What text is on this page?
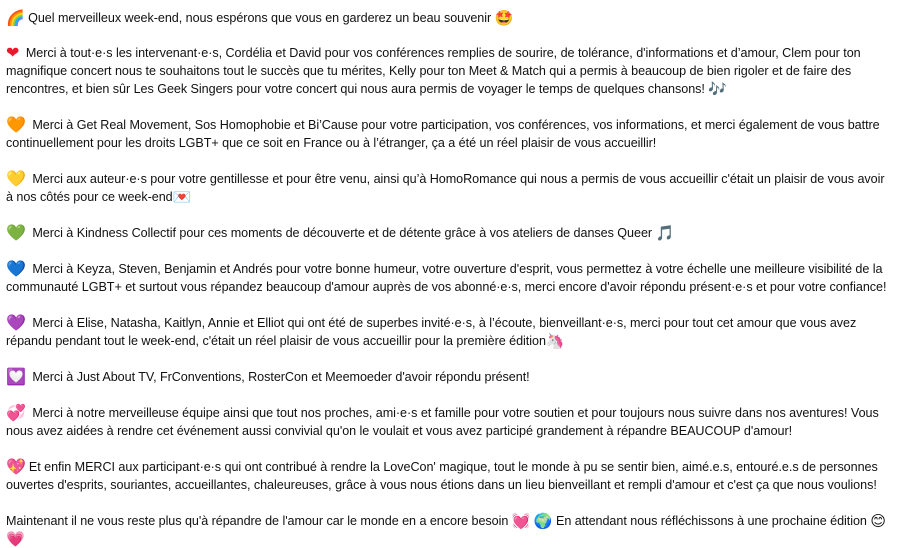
🌈 Quel merveilleux week-end, nous espérons que vous en garderez un beau souvenir 🤩

❤ Merci à tout·e·s les intervenant·e·s, Cordélia et David pour vos conférences remplies de sourire, de tolérance, d'informations et d’amour, Clem pour ton magnifique concert nous te souhaitons tout le succès que tu mérites, Kelly pour ton Meet & Match qui a permis à beaucoup de bien rigoler et de faire des rencontres, et bien sûr Les Geek Singers pour votre concert qui nous aura permis de voyager le temps de quelques chansons! 🎶

🧡 Merci à Get Real Movement, Sos Homophobie et Bi’Cause pour votre participation, vos conférences, vos informations, et merci également de vous battre continuellement pour les droits LGBT+ que ce soit en France ou à l’étranger, ça a été un réel plaisir de vous accueillir!

💛 Merci aux auteur·e·s pour votre gentillesse et pour être venu, ainsi qu’à HomoRomance qui nous a permis de vous accueillir c'était un plaisir de vous avoir à nos côtés pour ce week-end💌

💚 Merci à Kindness Collectif pour ces moments de découverte et de détente grâce à vos ateliers de danses Queer 🎵

💙 Merci à Keyza, Steven, Benjamin et Andrés pour votre bonne humeur, votre ouverture d'esprit, vous permettez à votre échelle une meilleure visibilité de la communauté LGBT+ et surtout vous répandez beaucoup d'amour auprès de vos abonné·e·s, merci encore d'avoir répondu présent·e·s et pour votre confiance!

💜 Merci à Elise, Natasha, Kaitlyn, Annie et Elliot qui ont été de superbes invité·e·s, à l’écoute, bienveillant·e·s, merci pour tout cet amour que vous avez répandu pendant tout le week-end, c'était un réel plaisir de vous accueillir pour la première édition🦄

💟 Merci à Just About TV, FrConventions, RosterCon et Meemoeder d'avoir répondu présent!

💞 Merci à notre merveilleuse équipe ainsi que tout nos proches, ami·e·s et famille pour votre soutien et pour toujours nous suivre dans nos aventures! Vous nous avez aidées à rendre cet événement aussi convivial qu'on le voulait et vous avez participé grandement à répandre BEAUCOUP d'amour!

💖 Et enfin MERCI aux participant·e·s qui ont contribué à rendre la LoveCon' magique, tout le monde à pu se sentir bien, aimé.e.s, entouré.e.s de personnes ouvertes d'esprits, souriantes, accueillantes, chaleureuses, grâce à vous nous étions dans un lieu bienveillant et rempli d'amour et c'est ça que nous voulions!

Maintenant il ne vous reste plus qu'à répandre de l'amour car le monde en a encore besoin 💓 🌍 En attendant nous réfléchissons à une prochaine édition 😊 💗
